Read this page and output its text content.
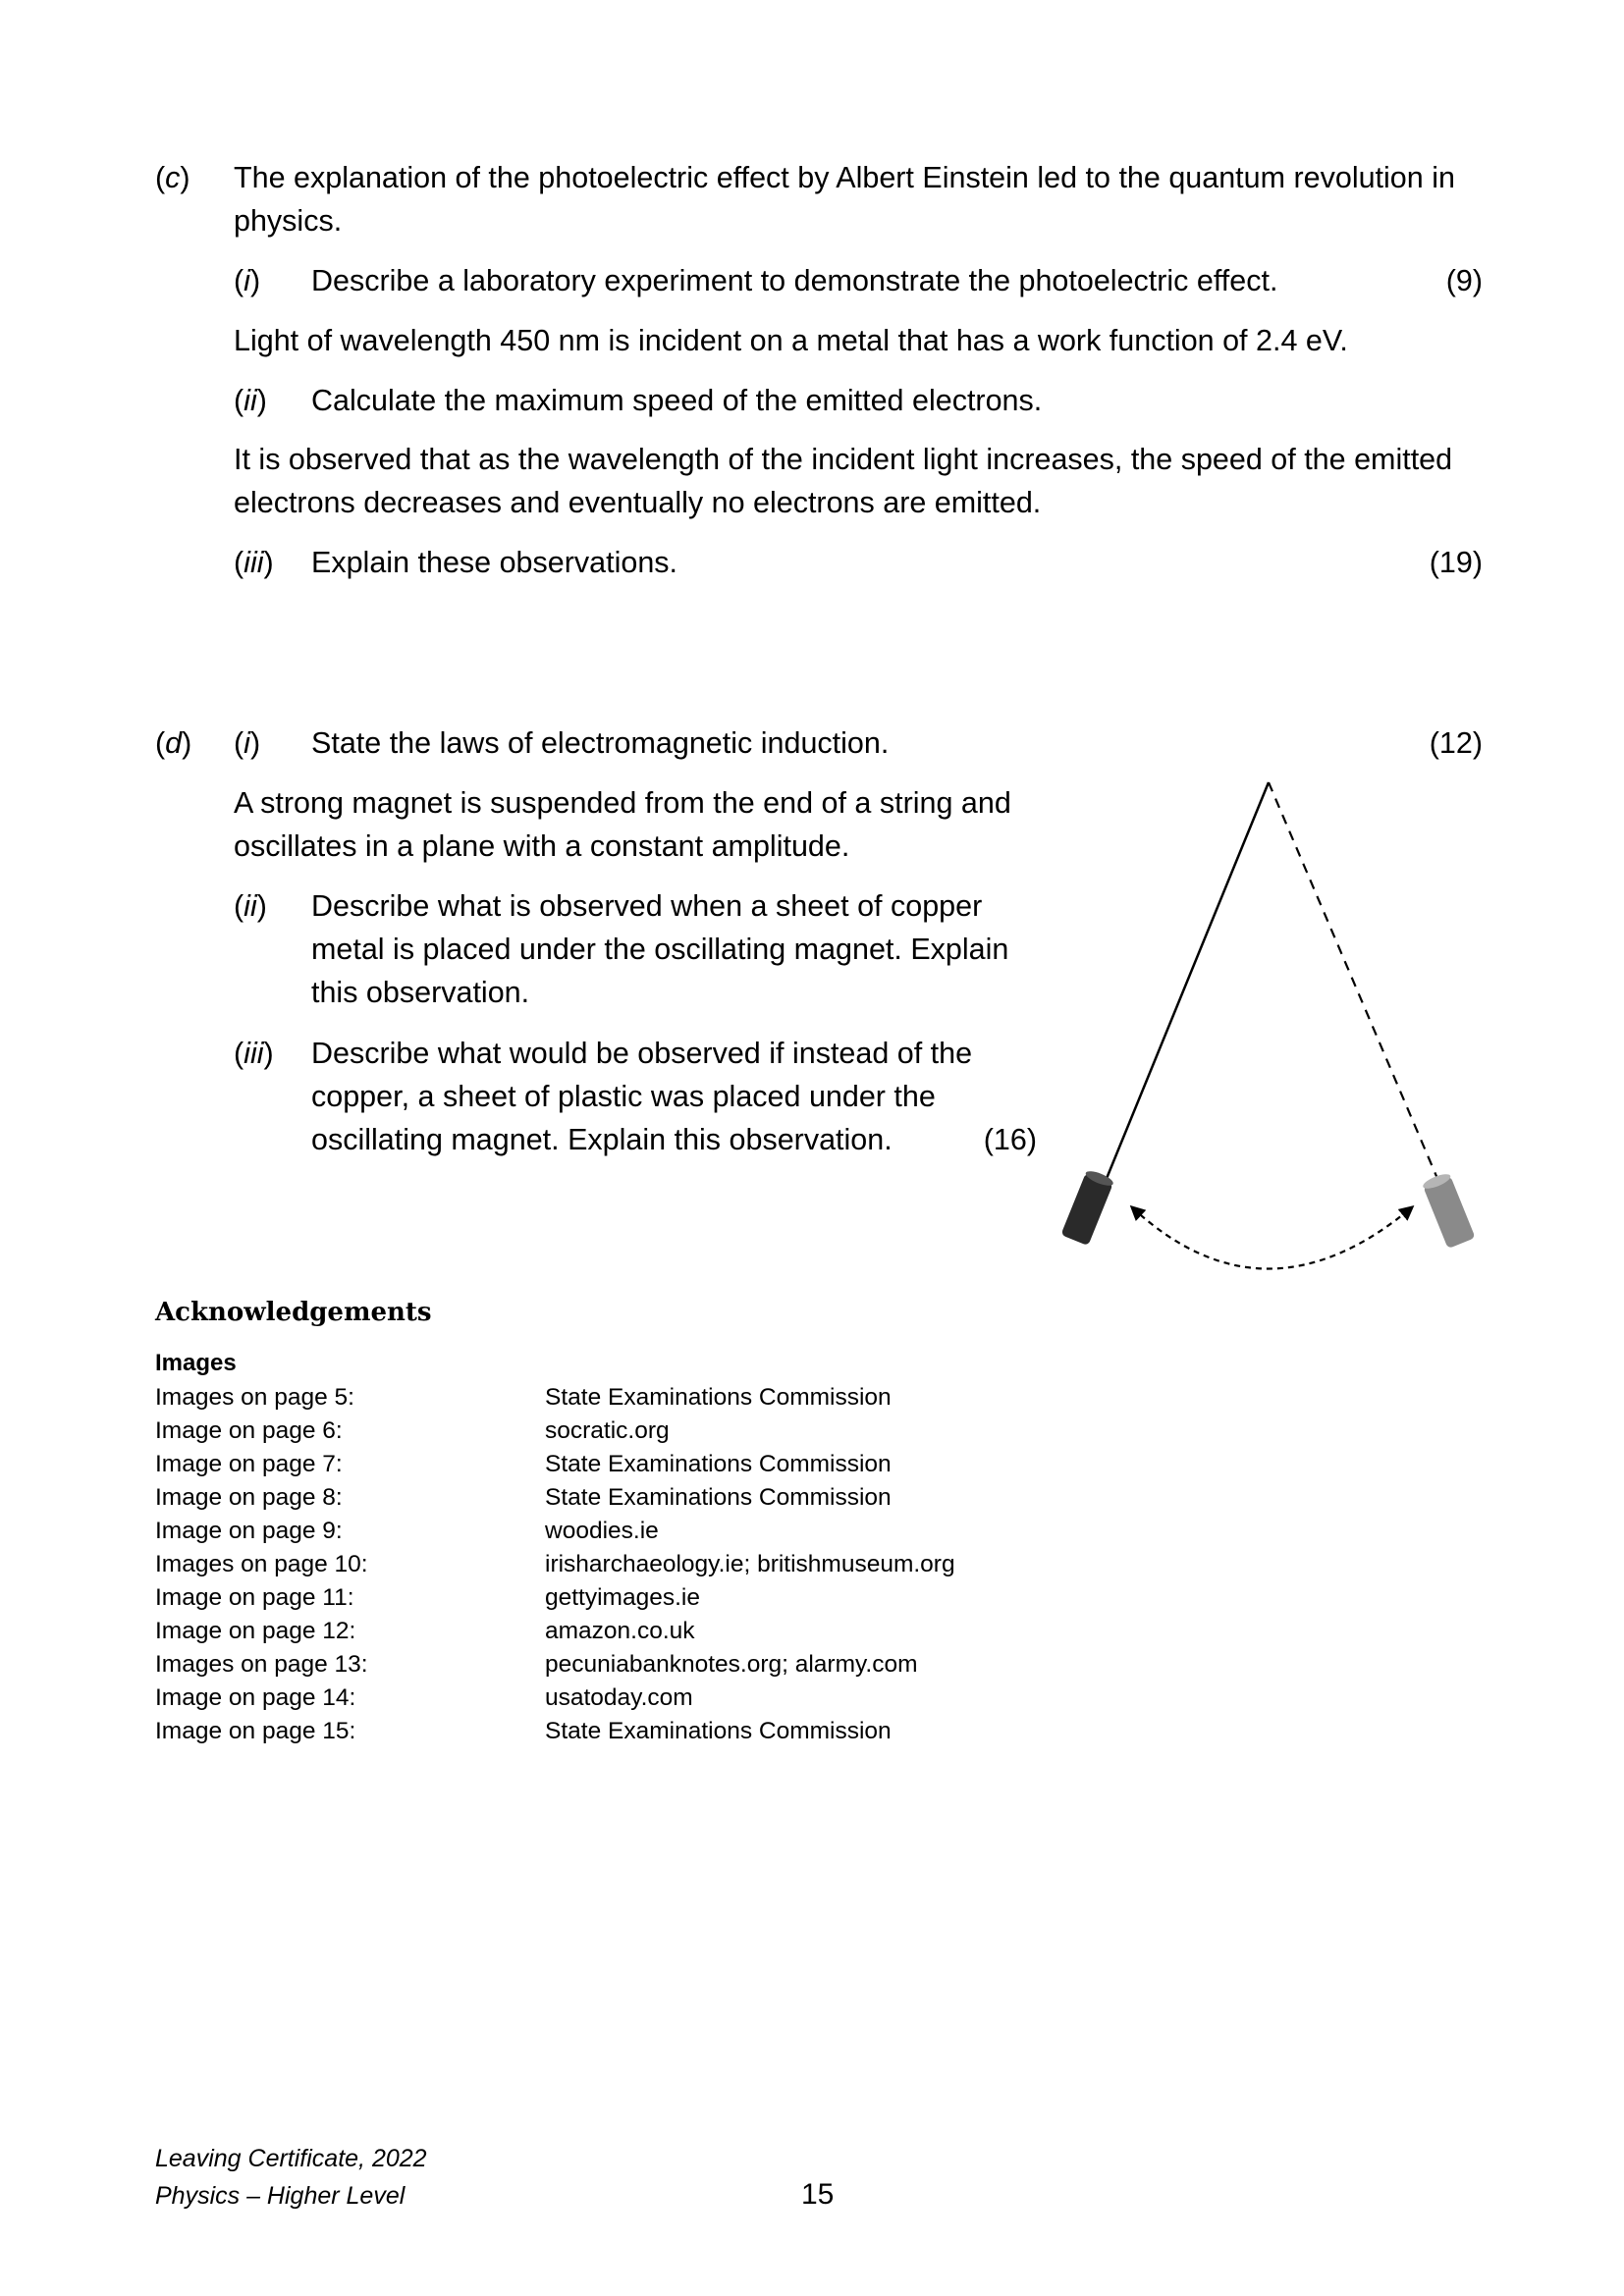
(c) The explanation of the photoelectric effect by Albert Einstein led to the quantum revolution in physics.
(i) Describe a laboratory experiment to demonstrate the photoelectric effect.	(9)
Light of wavelength 450 nm is incident on a metal that has a work function of 2.4 eV.
(ii) Calculate the maximum speed of the emitted electrons.
It is observed that as the wavelength of the incident light increases, the speed of the emitted electrons decreases and eventually no electrons are emitted.
(iii) Explain these observations.	(19)
(d) (i) State the laws of electromagnetic induction.	(12)
A strong magnet is suspended from the end of a string and oscillates in a plane with a constant amplitude.
(ii) Describe what is observed when a sheet of copper metal is placed under the oscillating magnet. Explain this observation.
(iii) Describe what would be observed if instead of the copper, a sheet of plastic was placed under the oscillating magnet. Explain this observation.	(16)
Acknowledgements
Images
Images on page 5:	State Examinations Commission
Image on page 6:	socratic.org
Image on page 7:	State Examinations Commission
Image on page 8:	State Examinations Commission
Image on page 9:	woodies.ie
Images on page 10:	irisharchaeology.ie; britishmuseum.org
Image on page 11:	gettyimages.ie
Image on page 12:	amazon.co.uk
Images on page 13:	pecuniabanknotes.org; alarmy.com
Image on page 14:	usatoday.com
Image on page 15:	State Examinations Commission
Leaving Certificate, 2022
Physics – Higher Level	15
